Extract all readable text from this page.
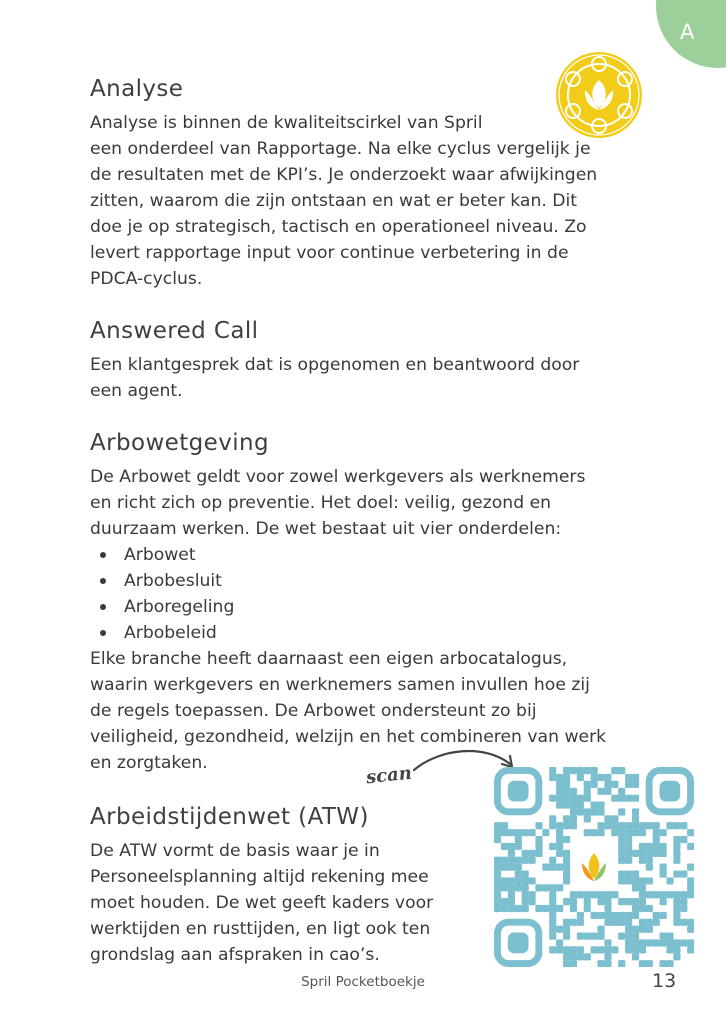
A
Analyse
Analyse is binnen de kwaliteitscirkel van Spril
een onderdeel van Rapportage. Na elke cyclus vergelijk je
de resultaten met de KPI’s. Je onderzoekt waar afwijkingen
zitten, waarom die zijn ontstaan en wat er beter kan. Dit
doe je op strategisch, tactisch en operationeel niveau. Zo
levert rapportage input voor continue verbetering in de
PDCA-cyclus.
Answered Call
Een klantgesprek dat is opgenomen en beantwoord door
een agent.
Arbowetgeving
De Arbowet geldt voor zowel werkgevers als werknemers
en richt zich op preventie. Het doel: veilig, gezond en
duurzaam werken. De wet bestaat uit vier onderdelen:
Arbowet
Arbobesluit
Arboregeling
Arbobeleid
Elke branche heeft daarnaast een eigen arbocatalogus,
waarin werkgevers en werknemers samen invullen hoe zij
de regels toepassen. De Arbowet ondersteunt zo bij
veiligheid, gezondheid, welzijn en het combineren van werk
en zorgtaken.	scan
Arbeidstijdenwet (ATW)
De ATW vormt de basis waar je in
Personeelsplanning altijd rekening mee
moet houden. De wet geeft kaders voor
werktijden en rusttijden, en ligt ook ten
grondslag aan afspraken in cao’s.
Spril Pocketboekje	13
